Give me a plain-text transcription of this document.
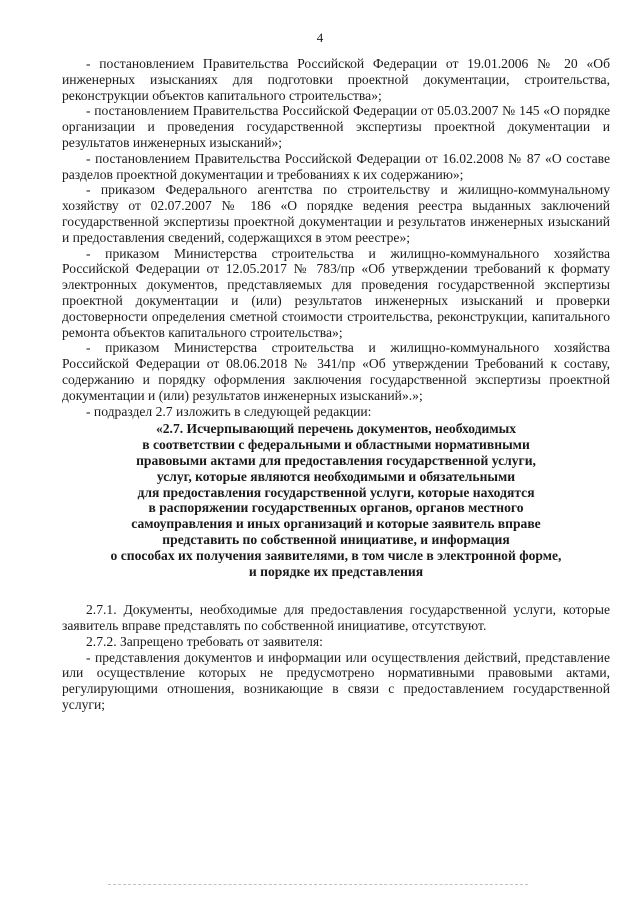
4

- постановлением Правительства Российской Федерации от 19.01.2006 № 20 «Об инженерных изысканиях для подготовки проектной документации, строительства, реконструкции объектов капитального строительства»;

- постановлением Правительства Российской Федерации от 05.03.2007 № 145 «О порядке организации и проведения государственной экспертизы проектной документации и результатов инженерных изысканий»;

- постановлением Правительства Российской Федерации от 16.02.2008 № 87 «О составе разделов проектной документации и требованиях к их содержанию»;

- приказом Федерального агентства по строительству и жилищно-коммунальному хозяйству от 02.07.2007 № 186 «О порядке ведения реестра выданных заключений государственной экспертизы проектной документации и результатов инженерных изысканий и предоставления сведений, содержащихся в этом реестре»;

- приказом Министерства строительства и жилищно-коммунального хозяйства Российской Федерации от 12.05.2017 № 783/пр «Об утверждении требований к формату электронных документов, представляемых для проведения государственной экспертизы проектной документации и (или) результатов инженерных изысканий и проверки достоверности определения сметной стоимости строительства, реконструкции, капитального ремонта объектов капитального строительства»;

- приказом Министерства строительства и жилищно-коммунального хозяйства Российской Федерации от 08.06.2018 № 341/пр «Об утверждении Требований к составу, содержанию и порядку оформления заключения государственной экспертизы проектной документации и (или) результатов инженерных изысканий».»;

- подраздел 2.7 изложить в следующей редакции:

«2.7. Исчерпывающий перечень документов, необходимых
в соответствии с федеральными и областными нормативными
правовыми актами для предоставления государственной услуги,
услуг, которые являются необходимыми и обязательными
для предоставления государственной услуги, которые находятся
в распоряжении государственных органов, органов местного
самоуправления и иных организаций и которые заявитель вправе
представить по собственной инициативе, и информация
о способах их получения заявителями, в том числе в электронной форме,
и порядке их представления

2.7.1. Документы, необходимые для предоставления государственной услуги, которые заявитель вправе представлять по собственной инициативе, отсутствуют.

2.7.2. Запрещено требовать от заявителя:

- представления документов и информации или осуществления действий, представление или осуществление которых не предусмотрено нормативными правовыми актами, регулирующими отношения, возникающие в связи с предоставлением государственной услуги;
